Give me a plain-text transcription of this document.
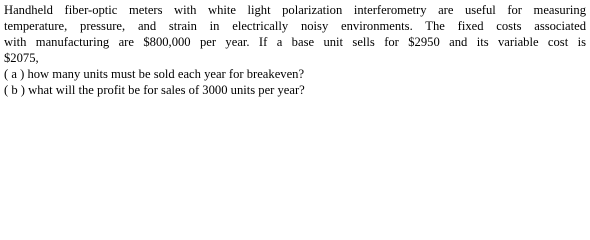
Handheld fiber-optic meters with white light polarization interferometry are useful for measuring
temperature, pressure, and strain in electrically noisy environments. The fixed costs associated
with manufacturing are $800,000 per year. If a base unit sells for $2950 and its variable cost is
$2075,

( a ) how many units must be sold each year for breakeven?

( b ) what will the profit be for sales of 3000 units per year?
